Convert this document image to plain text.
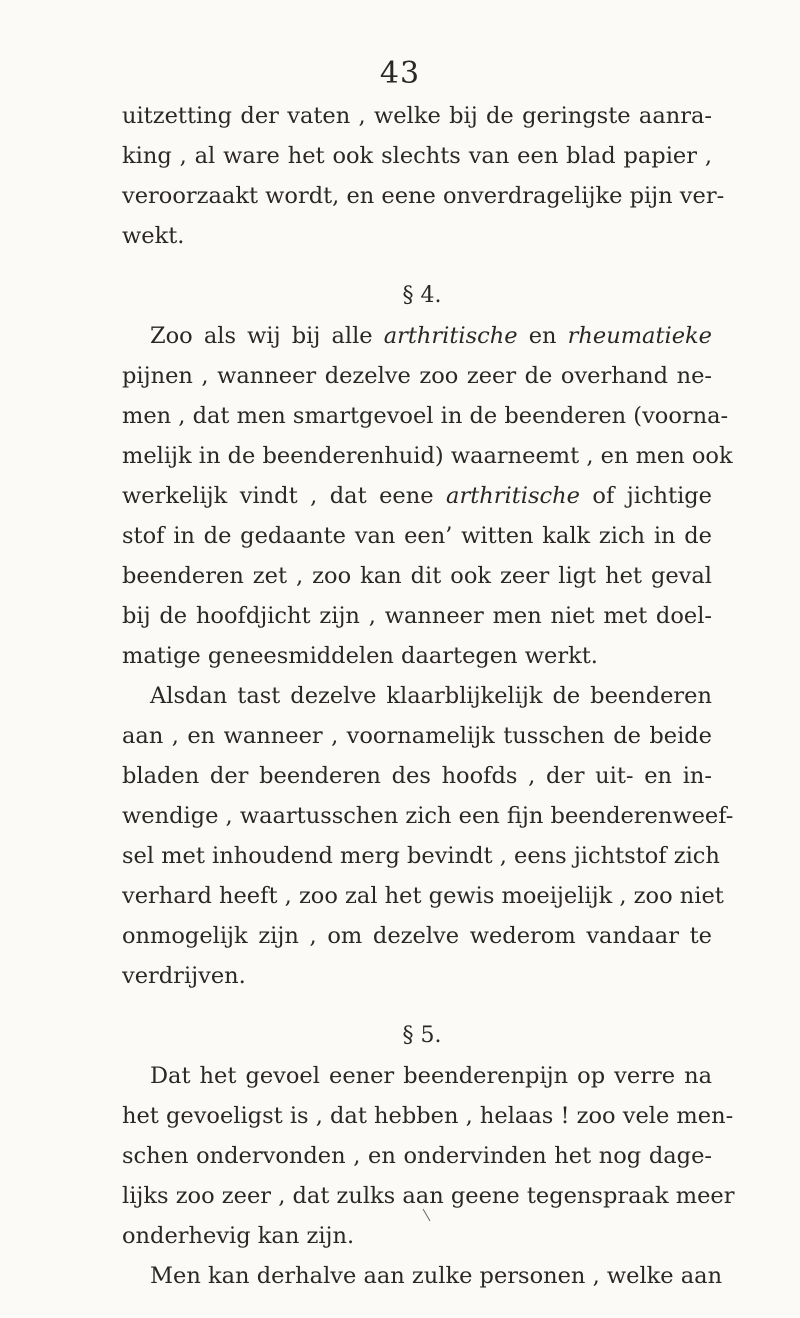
43
uitzetting der vaten , welke bij de geringste aanra-
king , al ware het ook slechts van een blad papier ,
veroorzaakt wordt, en eene onverdragelijke pijn ver-
wekt.
§ 4.
Zoo als wij bij alle arthritische en rheumatieke
pijnen , wanneer dezelve zoo zeer de overhand ne-
men , dat men smartgevoel in de beenderen (voorna-
melijk in de beenderenhuid) waarneemt , en men ook
werkelijk vindt , dat eene arthritische of jichtige
stof in de gedaante van een’ witten kalk zich in de
beenderen zet , zoo kan dit ook zeer ligt het geval
bij de hoofdjicht zijn , wanneer men niet met doel-
matige geneesmiddelen daartegen werkt.
Alsdan tast dezelve klaarblijkelijk de beenderen
aan , en wanneer , voornamelijk tusschen de beide
bladen der beenderen des hoofds , der uit- en in-
wendige , waartusschen zich een fijn beenderenweef-
sel met inhoudend merg bevindt , eens jichtstof zich
verhard heeft , zoo zal het gewis moeijelijk , zoo niet
onmogelijk zijn , om dezelve wederom vandaar te
verdrijven.
§ 5.
Dat het gevoel eener beenderenpijn op verre na
het gevoeligst is , dat hebben , helaas ! zoo vele men-
schen ondervonden , en ondervinden het nog dage-
lijks zoo zeer , dat zulks aan geene tegenspraak meer
onderhevig kan zijn.
Men kan derhalve aan zulke personen , welke aan
